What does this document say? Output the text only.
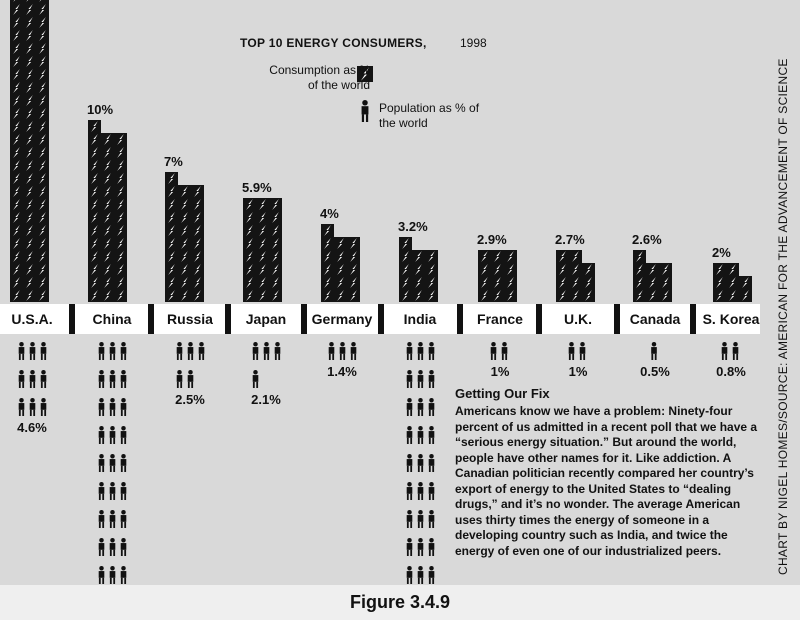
U.S.A.
4.6%
10%
China
7%
Russia
2.5%
5.9%
Japan
2.1%
4%
Germany
1.4%
3.2%
India
2.9%
France
1%
2.7%
U.K.
1%
2.6%
Canada
0.5%
2%
S. Korea
0.8%
TOP 10 ENERGY CONSUMERS,	1998
Consumption as % of the world
Population as % of the world	CHART BY NIGEL HOMES/SOURCE: AMERICAN FOR THE ADVANCEMENT OF SCIENCE
Getting Our Fix
Americans know we have a problem: Ninety-four percent of us admitted in a recent poll that we have a “serious energy situation.” But around the world, people have other names for it. Like addiction. A Canadian politician recently compared her country’s export of energy to the United States to “dealing drugs,” and it’s no wonder. The average American uses thirty times the energy of someone in a developing country such as India, and twice the energy of even one of our industrialized peers.
Figure 3.4.9
